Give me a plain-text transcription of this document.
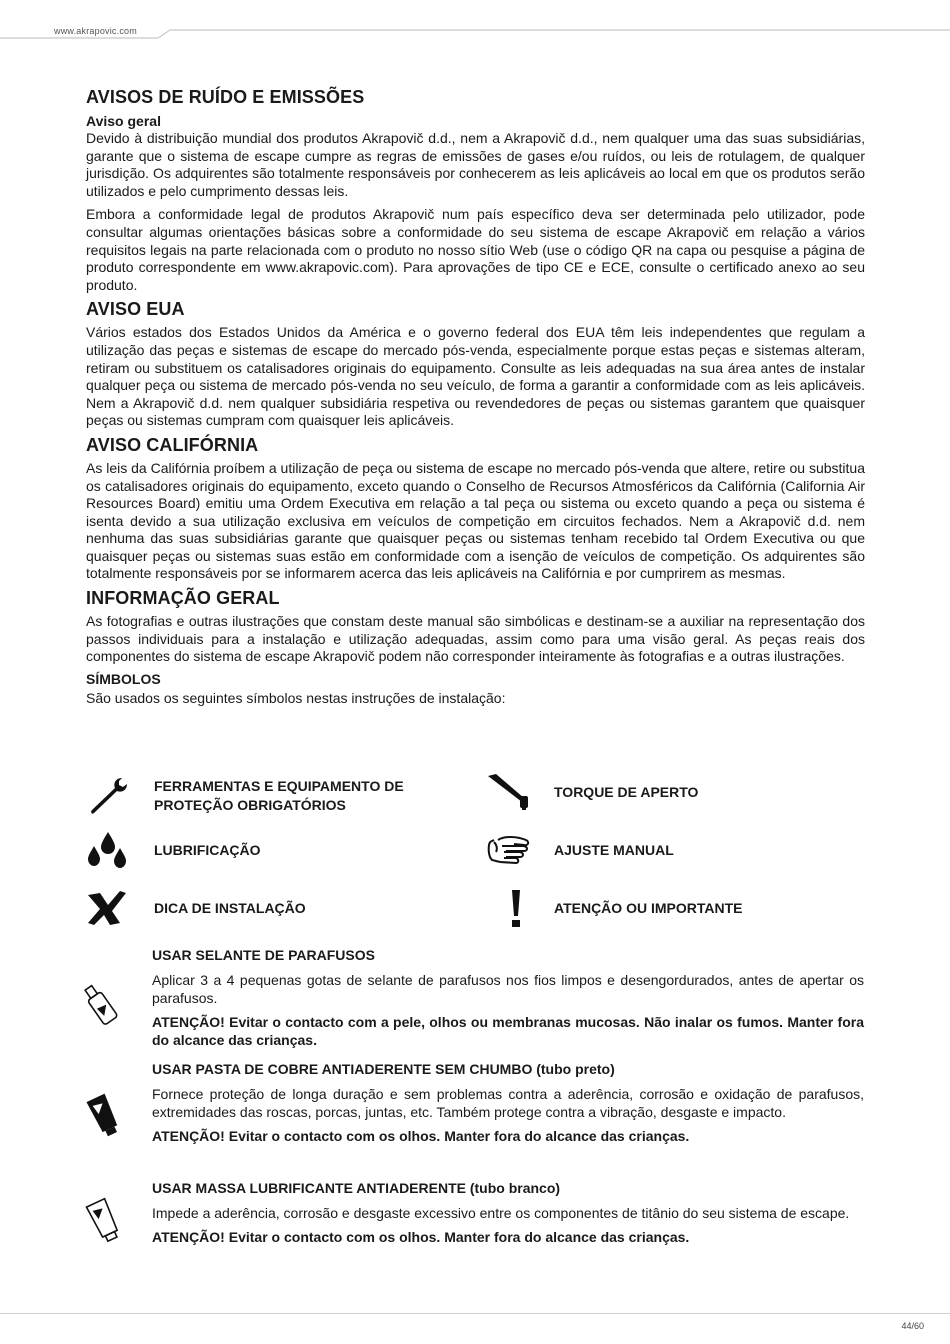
www.akrapovic.com
AVISOS DE RUÍDO E EMISSÕES
Aviso geral

Devido à distribuição mundial dos produtos Akrapovič d.d., nem a Akrapovič d.d., nem qualquer uma das suas subsidiárias, garante que o sistema de escape cumpre as regras de emissões de gases e/ou ruídos, ou leis de rotulagem, de qualquer jurisdição. Os adquirentes são totalmente responsáveis por conhecerem as leis aplicáveis ao local em que os produtos serão utilizados e pelo cumprimento dessas leis.

Embora a conformidade legal de produtos Akrapovič num país específico deva ser determinada pelo utilizador, pode consultar algumas orientações básicas sobre a conformidade do seu sistema de escape Akrapovič em relação a vários requisitos legais na parte relacionada com o produto no nosso sítio Web (use o código QR na capa ou pesquise a página de produto correspondente em www.akrapovic.com). Para aprovações de tipo CE e ECE, consulte o certificado anexo ao seu produto.

AVISO EUA

Vários estados dos Estados Unidos da América e o governo federal dos EUA têm leis independentes que regulam a utilização das peças e sistemas de escape do mercado pós-venda, especialmente porque estas peças e sistemas alteram, retiram ou substituem os catalisadores originais do equipamento. Consulte as leis adequadas na sua área antes de instalar qualquer peça ou sistema de mercado pós-venda no seu veículo, de forma a garantir a conformidade com as leis aplicáveis. Nem a Akrapovič d.d. nem qualquer subsidiária respetiva ou revendedores de peças ou sistemas garantem que quaisquer peças ou sistemas cumpram com quaisquer leis aplicáveis.

AVISO CALIFÓRNIA

As leis da Califórnia proíbem a utilização de peça ou sistema de escape no mercado pós-venda que altere, retire ou substitua os catalisadores originais do equipamento, exceto quando o Conselho de Recursos Atmosféricos da Califórnia (California Air Resources Board) emitiu uma Ordem Executiva em relação a tal peça ou sistema ou exceto quando a peça ou sistema é isenta devido a sua utilização exclusiva em veículos de competição em circuitos fechados. Nem a Akrapovič d.d. nem nenhuma das suas subsidiárias garante que quaisquer peças ou sistemas tenham recebido tal Ordem Executiva ou que quaisquer peças ou sistemas suas estão em conformidade com a isenção de veículos de competição. Os adquirentes são totalmente responsáveis por se informarem acerca das leis aplicáveis na Califórnia e por cumprirem as mesmas.

INFORMAÇÃO GERAL

As fotografias e outras ilustrações que constam deste manual são simbólicas e destinam-se a auxiliar na representação dos passos individuais para a instalação e utilização adequadas, assim como para uma visão geral. As peças reais dos componentes do sistema de escape Akrapovič podem não corresponder inteiramente às fotografias e a outras ilustrações.

SÍMBOLOS

São usados os seguintes símbolos nestas instruções de instalação:

FERRAMENTAS E EQUIPAMENTO DE PROTEÇÃO OBRIGATÓRIOS
TORQUE DE APERTO
LUBRIFICAÇÃO	AJUSTE MANUAL
DICA DE INSTALAÇÃO	ATENÇÃO OU IMPORTANTE
USAR SELANTE DE PARAFUSOS
Aplicar 3 a 4 pequenas gotas de selante de parafusos nos fios limpos e desengordurados, antes de apertar os parafusos.
ATENÇÃO! Evitar o contacto com a pele, olhos ou membranas mucosas. Não inalar os fumos. Manter fora do alcance das crianças.
USAR PASTA DE COBRE ANTIADERENTE SEM CHUMBO (tubo preto)
Fornece proteção de longa duração e sem problemas contra a aderência, corrosão e oxidação de parafusos, extremidades das roscas, porcas, juntas, etc. Também protege contra a vibração, desgaste e impacto.
ATENÇÃO! Evitar o contacto com os olhos. Manter fora do alcance das crianças.
USAR MASSA LUBRIFICANTE ANTIADERENTE (tubo branco)
Impede a aderência, corrosão e desgaste excessivo entre os componentes de titânio do seu sistema de escape.
ATENÇÃO! Evitar o contacto com os olhos. Manter fora do alcance das crianças.
44/60
